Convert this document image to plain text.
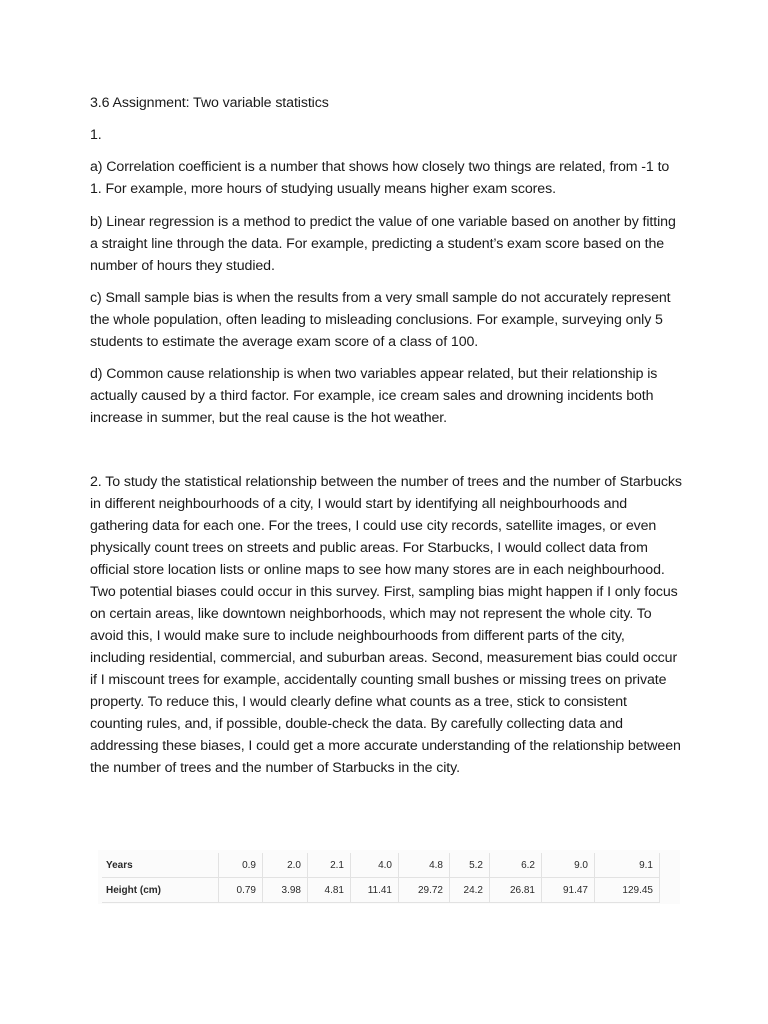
3.6 Assignment: Two variable statistics

1.

a) Correlation coefficient is a number that shows how closely two things are related, from -1 to 1. For example, more hours of studying usually means higher exam scores.

b) Linear regression is a method to predict the value of one variable based on another by fitting a straight line through the data. For example, predicting a student’s exam score based on the number of hours they studied.

c) Small sample bias is when the results from a very small sample do not accurately represent the whole population, often leading to misleading conclusions. For example, surveying only 5 students to estimate the average exam score of a class of 100.

d) Common cause relationship is when two variables appear related, but their relationship is actually caused by a third factor. For example, ice cream sales and drowning incidents both increase in summer, but the real cause is the hot weather.

2. To study the statistical relationship between the number of trees and the number of Starbucks in different neighbourhoods of a city, I would start by identifying all neighbourhoods and gathering data for each one. For the trees, I could use city records, satellite images, or even physically count trees on streets and public areas. For Starbucks, I would collect data from official store location lists or online maps to see how many stores are in each neighbourhood. Two potential biases could occur in this survey. First, sampling bias might happen if I only focus on certain areas, like downtown neighborhoods, which may not represent the whole city. To avoid this, I would make sure to include neighbourhoods from different parts of the city, including residential, commercial, and suburban areas. Second, measurement bias could occur if I miscount trees for example, accidentally counting small bushes or missing trees on private property. To reduce this, I would clearly define what counts as a tree, stick to consistent counting rules, and, if possible, double-check the data. By carefully collecting data and addressing these biases, I could get a more accurate understanding of the relationship between the number of trees and the number of Starbucks in the city.

Years	0.9	2.0	2.1	4.0	4.8	5.2	6.2	9.0	9.1
Height (cm)	0.79	3.98	4.81	11.41	29.72	24.2	26.81	91.47	129.45
